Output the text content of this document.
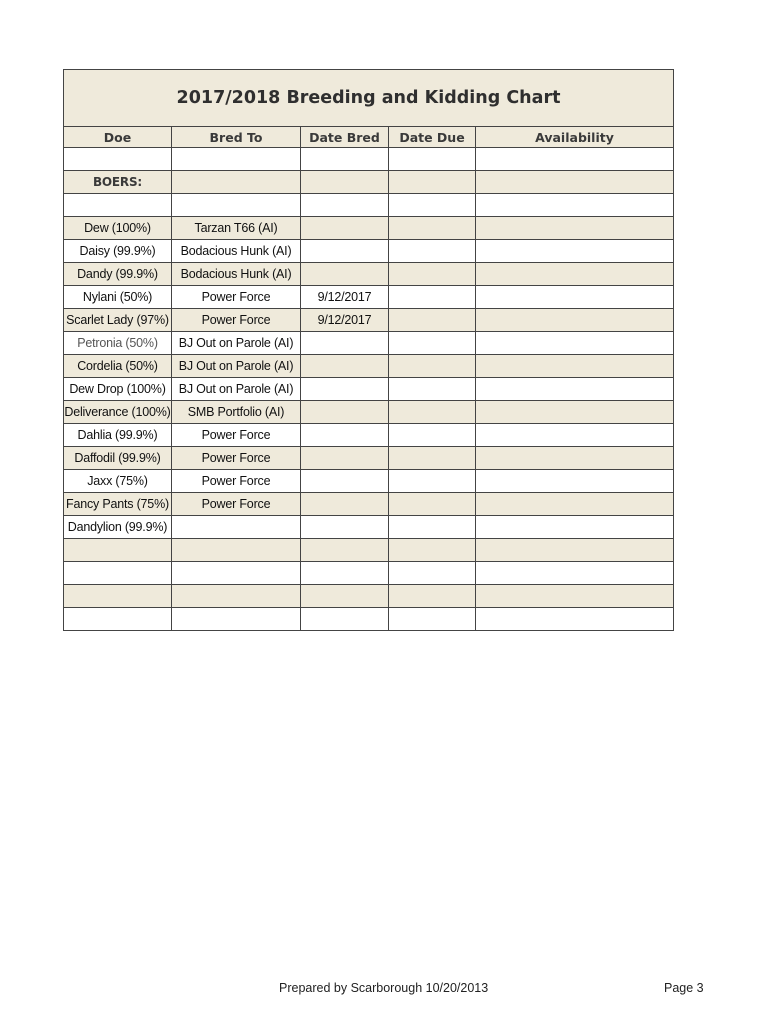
2017/2018 Breeding and Kidding Chart				
Doe	Bred To	Date Bred	Date Due	Availability

BOERS:				

Dew (100%)	Tarzan T66 (AI)			
Daisy (99.9%)	Bodacious Hunk (AI)			
Dandy (99.9%)	Bodacious Hunk (AI)			
Nylani (50%)	Power Force	9/12/2017		
Scarlet Lady (97%)	Power Force	9/12/2017		
Petronia (50%)	BJ Out on Parole (AI)			
Cordelia (50%)	BJ Out on Parole (AI)			
Dew Drop (100%)	BJ Out on Parole (AI)			
Deliverance (100%)	SMB Portfolio (AI)			
Dahlia (99.9%)	Power Force			
Daffodil (99.9%)	Power Force			
Jaxx (75%)	Power Force			
Fancy Pants (75%)	Power Force			
Dandylion (99.9%)				

Prepared by Scarborough 10/20/2013	Page 3
